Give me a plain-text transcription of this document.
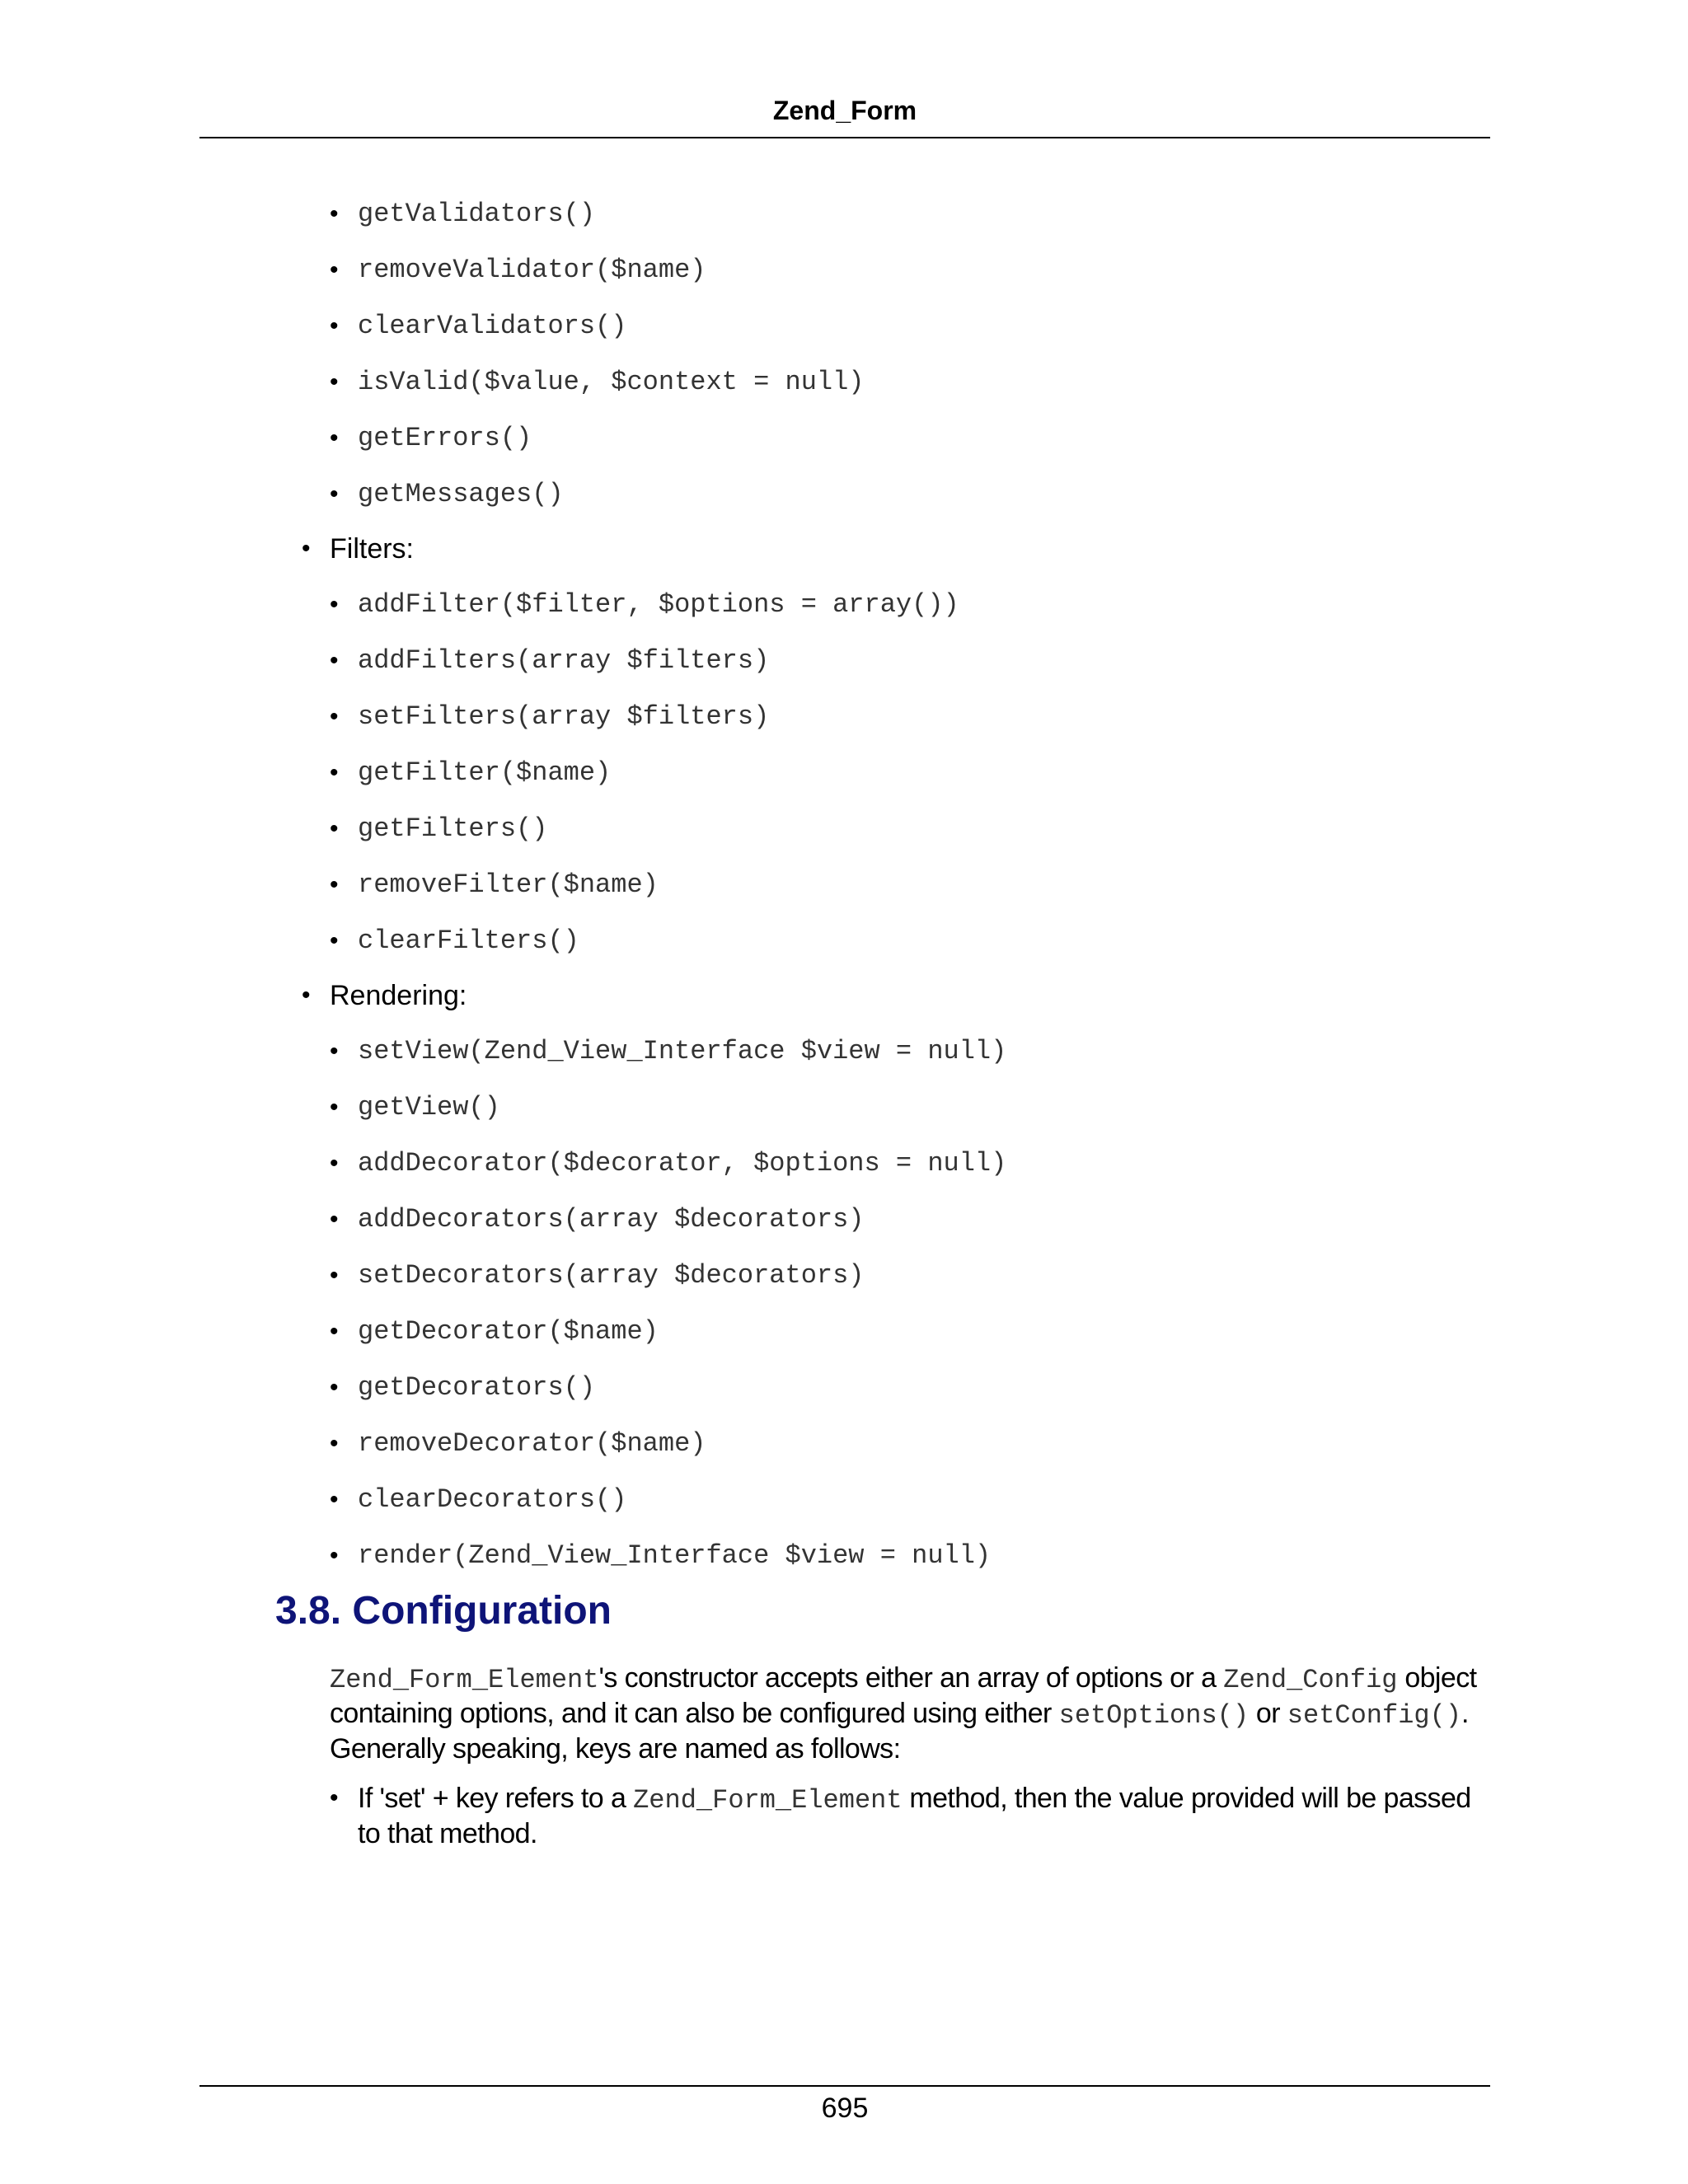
Zend_Form
• getValidators()
• removeValidator($name)
• clearValidators()
• isValid($value, $context = null)
• getErrors()
• getMessages()
• Filters:
• addFilter($filter, $options = array())
• addFilters(array $filters)
• setFilters(array $filters)
• getFilter($name)
• getFilters()
• removeFilter($name)
• clearFilters()
• Rendering:
• setView(Zend_View_Interface $view = null)
• getView()
• addDecorator($decorator, $options = null)
• addDecorators(array $decorators)
• setDecorators(array $decorators)
• getDecorator($name)
• getDecorators()
• removeDecorator($name)
• clearDecorators()
• render(Zend_View_Interface $view = null)
3.8. Configuration
Zend_Form_Element's constructor accepts either an array of options or a Zend_Config object containing options, and it can also be configured using either setOptions() or setConfig(). Generally speaking, keys are named as follows:
• If 'set' + key refers to a Zend_Form_Element method, then the value provided will be passed to that method.
695
